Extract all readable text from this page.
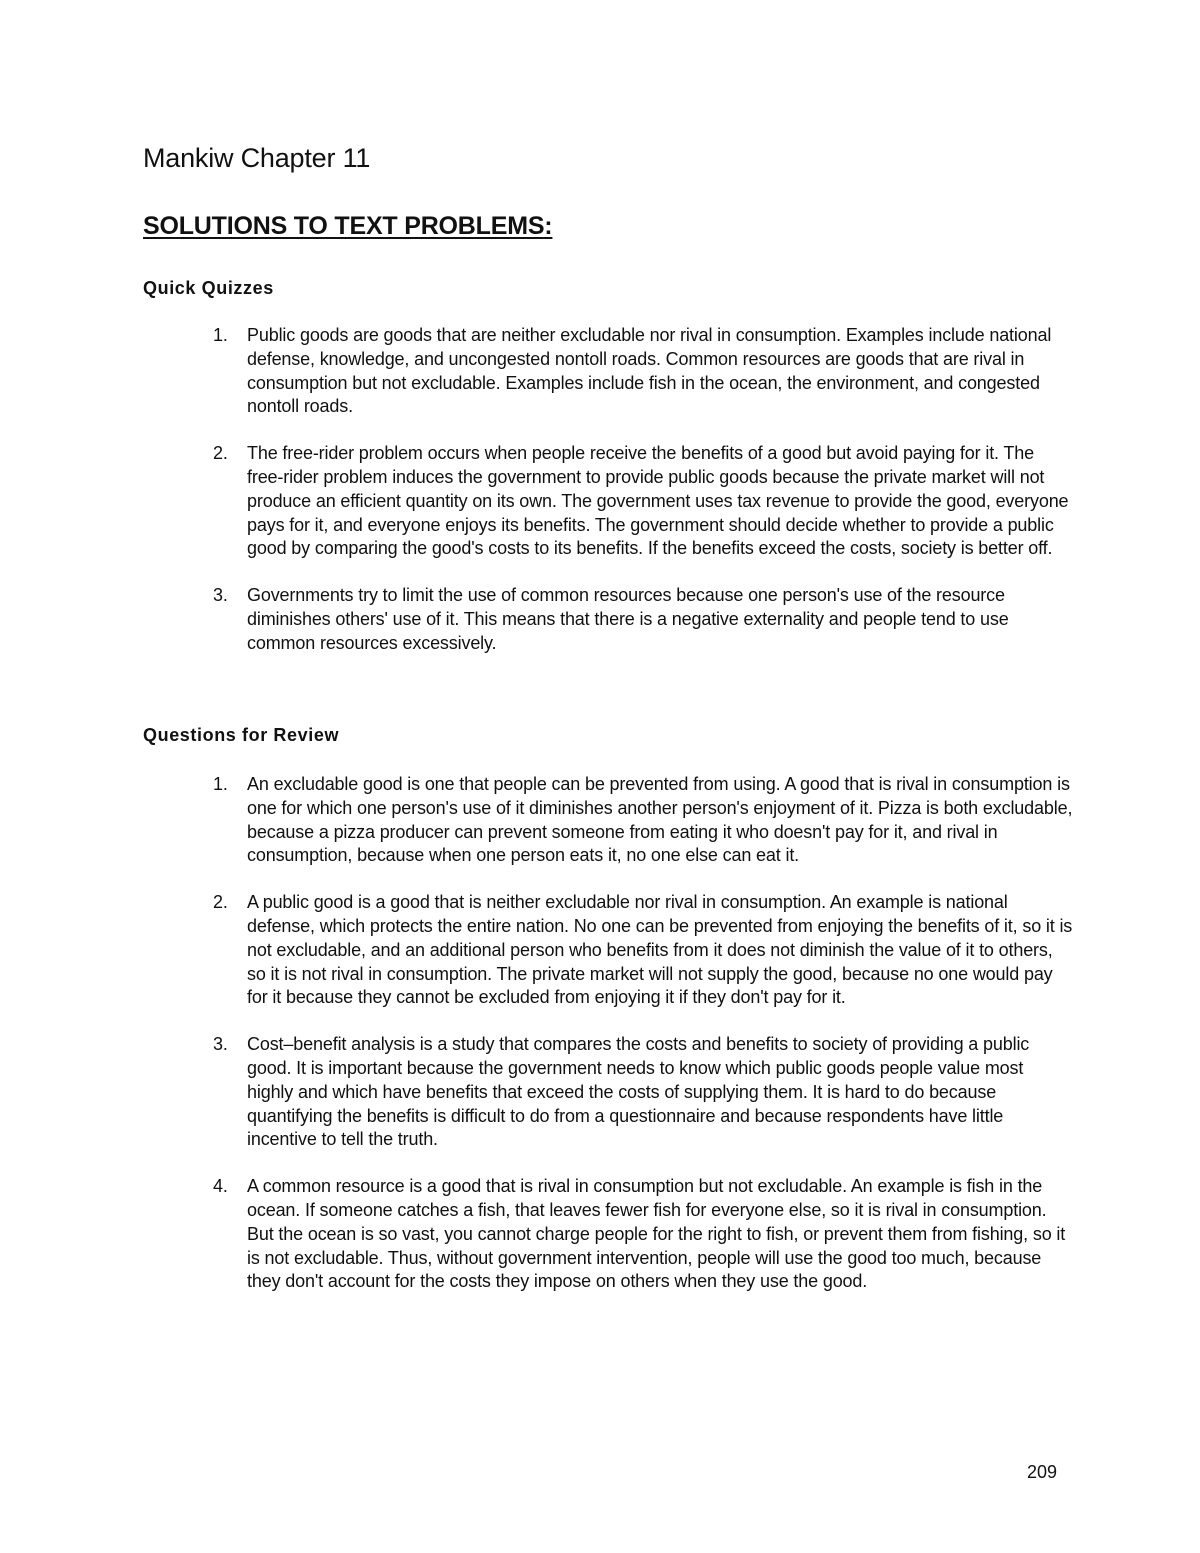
Mankiw Chapter 11
SOLUTIONS TO TEXT PROBLEMS:
Quick Quizzes
1. Public goods are goods that are neither excludable nor rival in consumption. Examples include national defense, knowledge, and uncongested nontoll roads. Common resources are goods that are rival in consumption but not excludable. Examples include fish in the ocean, the environment, and congested nontoll roads.
2. The free-rider problem occurs when people receive the benefits of a good but avoid paying for it. The free-rider problem induces the government to provide public goods because the private market will not produce an efficient quantity on its own. The government uses tax revenue to provide the good, everyone pays for it, and everyone enjoys its benefits. The government should decide whether to provide a public good by comparing the good's costs to its benefits. If the benefits exceed the costs, society is better off.
3. Governments try to limit the use of common resources because one person's use of the resource diminishes others' use of it. This means that there is a negative externality and people tend to use common resources excessively.
Questions for Review
1. An excludable good is one that people can be prevented from using. A good that is rival in consumption is one for which one person's use of it diminishes another person's enjoyment of it. Pizza is both excludable, because a pizza producer can prevent someone from eating it who doesn't pay for it, and rival in consumption, because when one person eats it, no one else can eat it.
2. A public good is a good that is neither excludable nor rival in consumption. An example is national defense, which protects the entire nation. No one can be prevented from enjoying the benefits of it, so it is not excludable, and an additional person who benefits from it does not diminish the value of it to others, so it is not rival in consumption. The private market will not supply the good, because no one would pay for it because they cannot be excluded from enjoying it if they don't pay for it.
3. Cost–benefit analysis is a study that compares the costs and benefits to society of providing a public good. It is important because the government needs to know which public goods people value most highly and which have benefits that exceed the costs of supplying them. It is hard to do because quantifying the benefits is difficult to do from a questionnaire and because respondents have little incentive to tell the truth.
4. A common resource is a good that is rival in consumption but not excludable. An example is fish in the ocean. If someone catches a fish, that leaves fewer fish for everyone else, so it is rival in consumption. But the ocean is so vast, you cannot charge people for the right to fish, or prevent them from fishing, so it is not excludable. Thus, without government intervention, people will use the good too much, because they don't account for the costs they impose on others when they use the good.

209
